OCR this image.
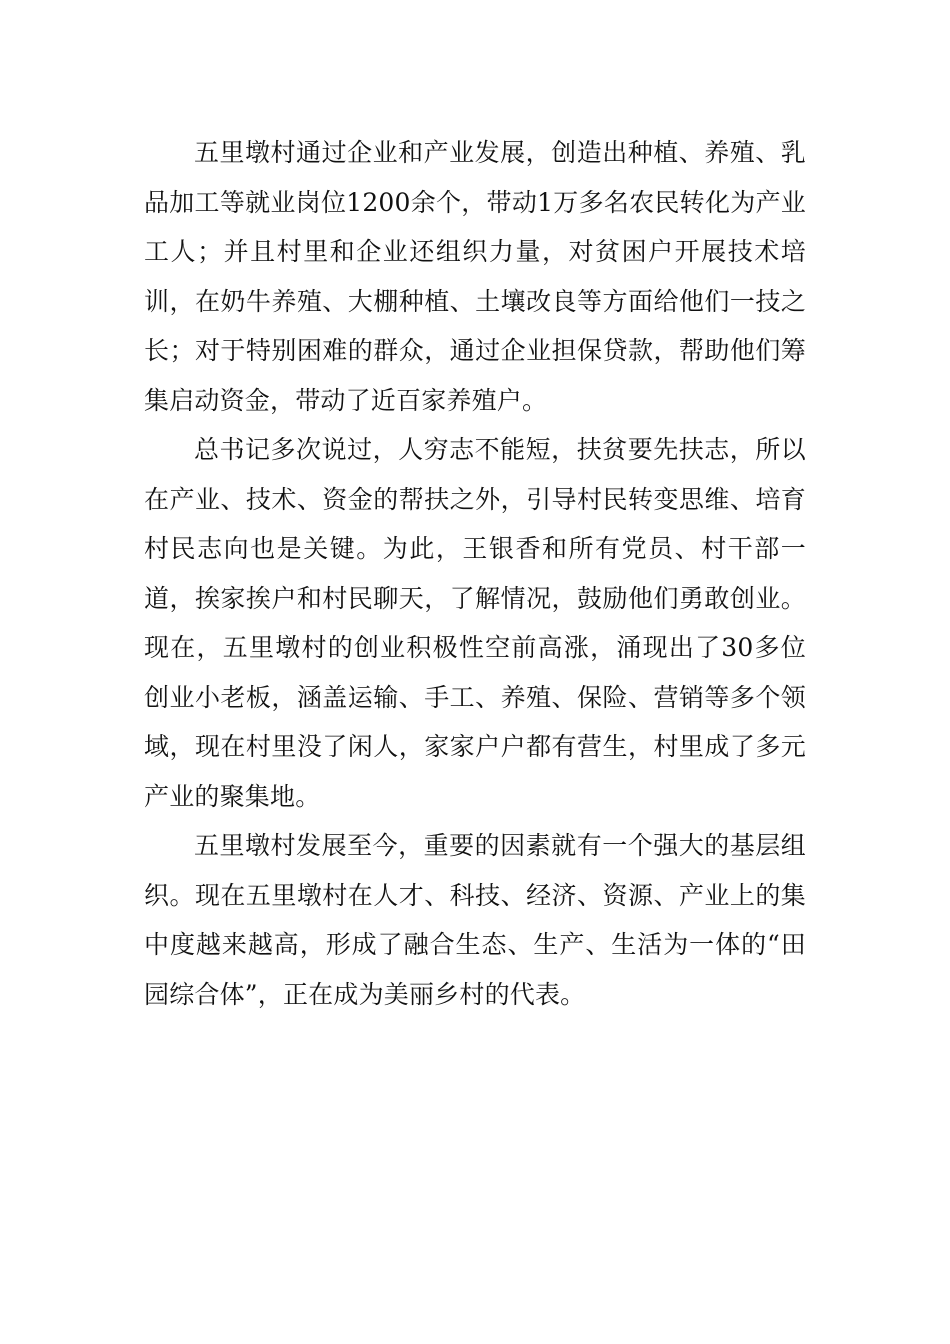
五里墩村通过企业和产业发展，创造出种植、养殖、乳品加工等就业岗位1200余个，带动1万多名农民转化为产业工人；并且村里和企业还组织力量，对贫困户开展技术培训，在奶牛养殖、大棚种植、土壤改良等方面给他们一技之长；对于特别困难的群众，通过企业担保贷款，帮助他们筹集启动资金，带动了近百家养殖户。

总书记多次说过，人穷志不能短，扶贫要先扶志，所以在产业、技术、资金的帮扶之外，引导村民转变思维、培育村民志向也是关键。为此，王银香和所有党员、村干部一道，挨家挨户和村民聊天，了解情况，鼓励他们勇敢创业。现在，五里墩村的创业积极性空前高涨，涌现出了30多位创业小老板，涵盖运输、手工、养殖、保险、营销等多个领域，现在村里没了闲人，家家户户都有营生，村里成了多元产业的聚集地。

五里墩村发展至今，重要的因素就有一个强大的基层组织。现在五里墩村在人才、科技、经济、资源、产业上的集中度越来越高，形成了融合生态、生产、生活为一体的“田园综合体”，正在成为美丽乡村的代表。
